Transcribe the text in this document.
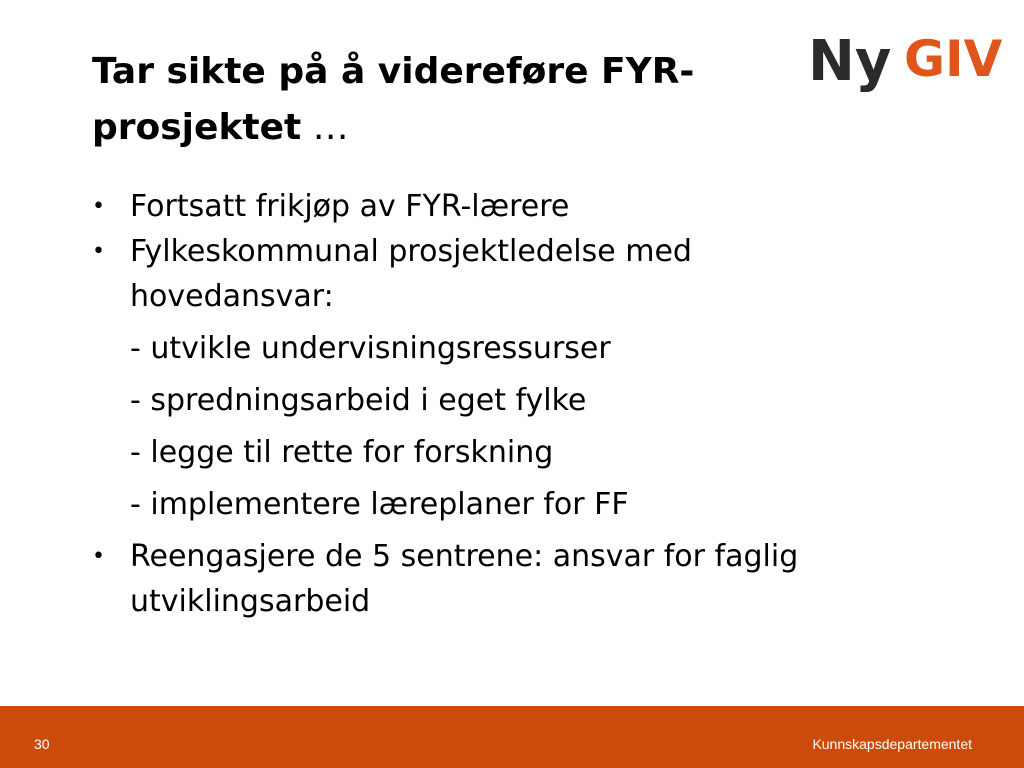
Tar sikte på å videreføre FYR-prosjektet …
Ny GIV
• Fortsatt frikjøp av FYR-lærere
• Fylkeskommunal prosjektledelse med hovedansvar:
- utvikle undervisningsressurser
- spredningsarbeid i eget fylke
- legge til rette for forskning
- implementere læreplaner for FF
• Reengasjere de 5 sentrene: ansvar for faglig utviklingsarbeid
30	Kunnskapsdepartementet
